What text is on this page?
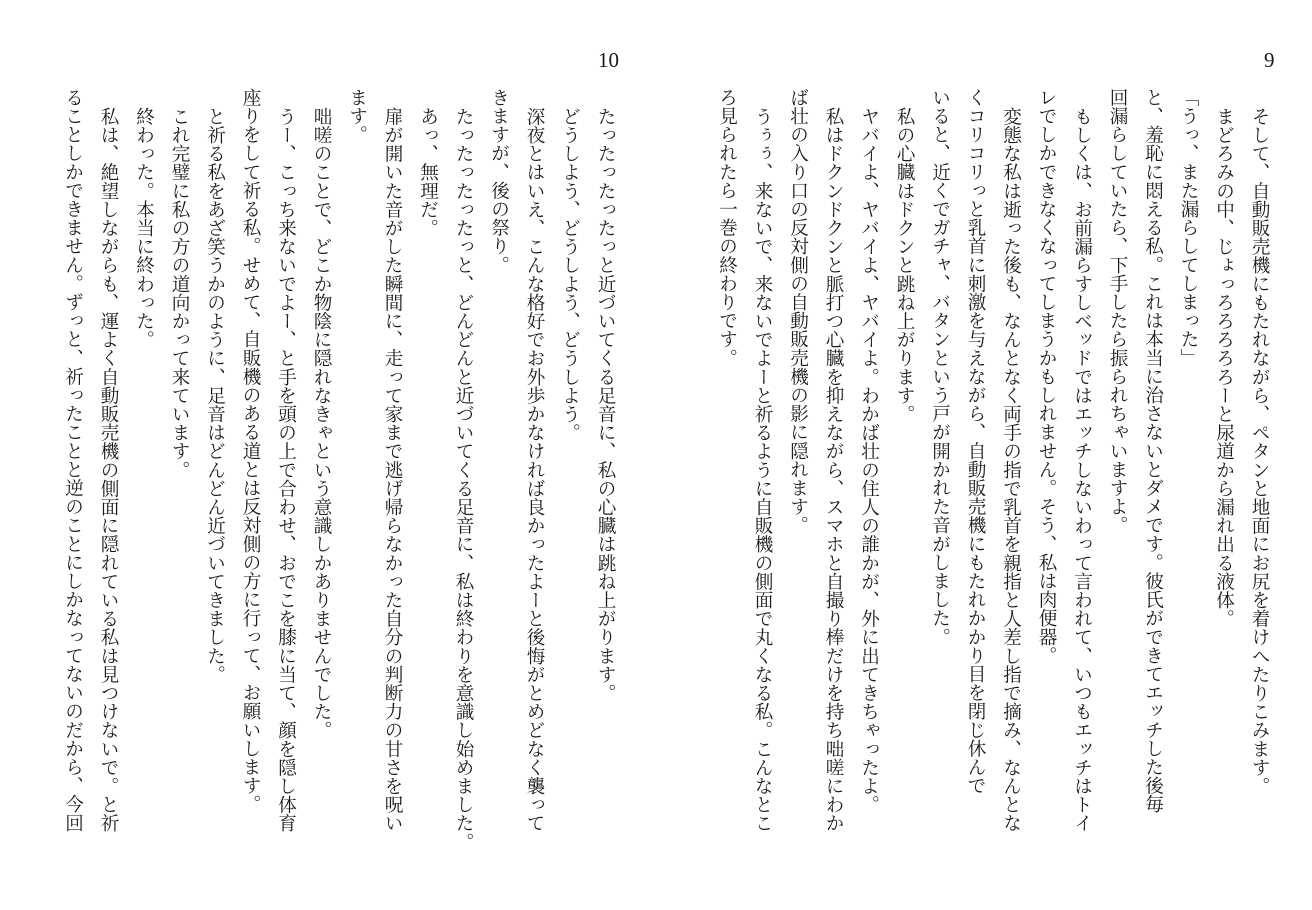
10
たったったったっと近づいてくる足音に、私の心臓は跳ね上がります。
どうしよう、どうしよう、どうしよう。
深夜とはいえ、こんな格好でお外歩かなければ良かったよーと後悔がとめどなく襲って
きますが、後の祭り。
たったったったっと、どんどんと近づいてくる足音に、私は終わりを意識し始めました。
あっ、無理だ。
扉が開いた音がした瞬間に、走って家まで逃げ帰らなかった自分の判断力の甘さを呪い
ます。
咄嗟のことで、どこか物陰に隠れなきゃという意識しかありませんでした。
うー、こっち来ないでよー、と手を頭の上で合わせ、おでこを膝に当て、顔を隠し体育
座りをして祈る私。せめて、自販機のある道とは反対側の方に行って、お願いします。
と祈る私をあざ笑うかのように、足音はどんどん近づいてきました。
これ完璧に私の方の道向かって来ています。
終わった。本当に終わった。
私は、絶望しながらも、運よく自動販売機の側面に隠れている私は見つけないで。と祈
ることしかできません。ずっと、祈ったことと逆のことにしかなってないのだから、今回
9
そして、自動販売機にもたれながら、ペタンと地面にお尻を着けへたりこみます。
まどろみの中、じょっろろろろろーと尿道から漏れ出る液体。
「うっ、また漏らしてしまった」
と、羞恥に悶える私。これは本当に治さないとダメです。彼氏ができてエッチした後毎
回漏らしていたら、下手したら振られちゃいますよ。
もしくは、お前漏らすしベッドではエッチしないわって言われて、いつもエッチはトイ
レでしかできなくなってしまうかもしれません。そう、私は肉便器。
変態な私は逝った後も、なんとなく両手の指で乳首を親指と人差し指で摘み、なんとな
くコリコリっと乳首に刺激を与えながら、自動販売機にもたれかかり目を閉じ休んで
いると、近くでガチャ、バタンという戸が開かれた音がしました。
私の心臓はドクンと跳ね上がります。
ヤバイよ、ヤバイよ、ヤバイよ。わかば壮の住人の誰かが、外に出てきちゃったよ。
私はドクンドクンと脈打つ心臓を抑えながら、スマホと自撮り棒だけを持ち咄嗟にわか
ば壮の入り口の反対側の自動販売機の影に隠れます。
うぅぅ、来ないで、来ないでよーと祈るように自販機の側面で丸くなる私。こんなとこ
ろ見られたら一巻の終わりです。
